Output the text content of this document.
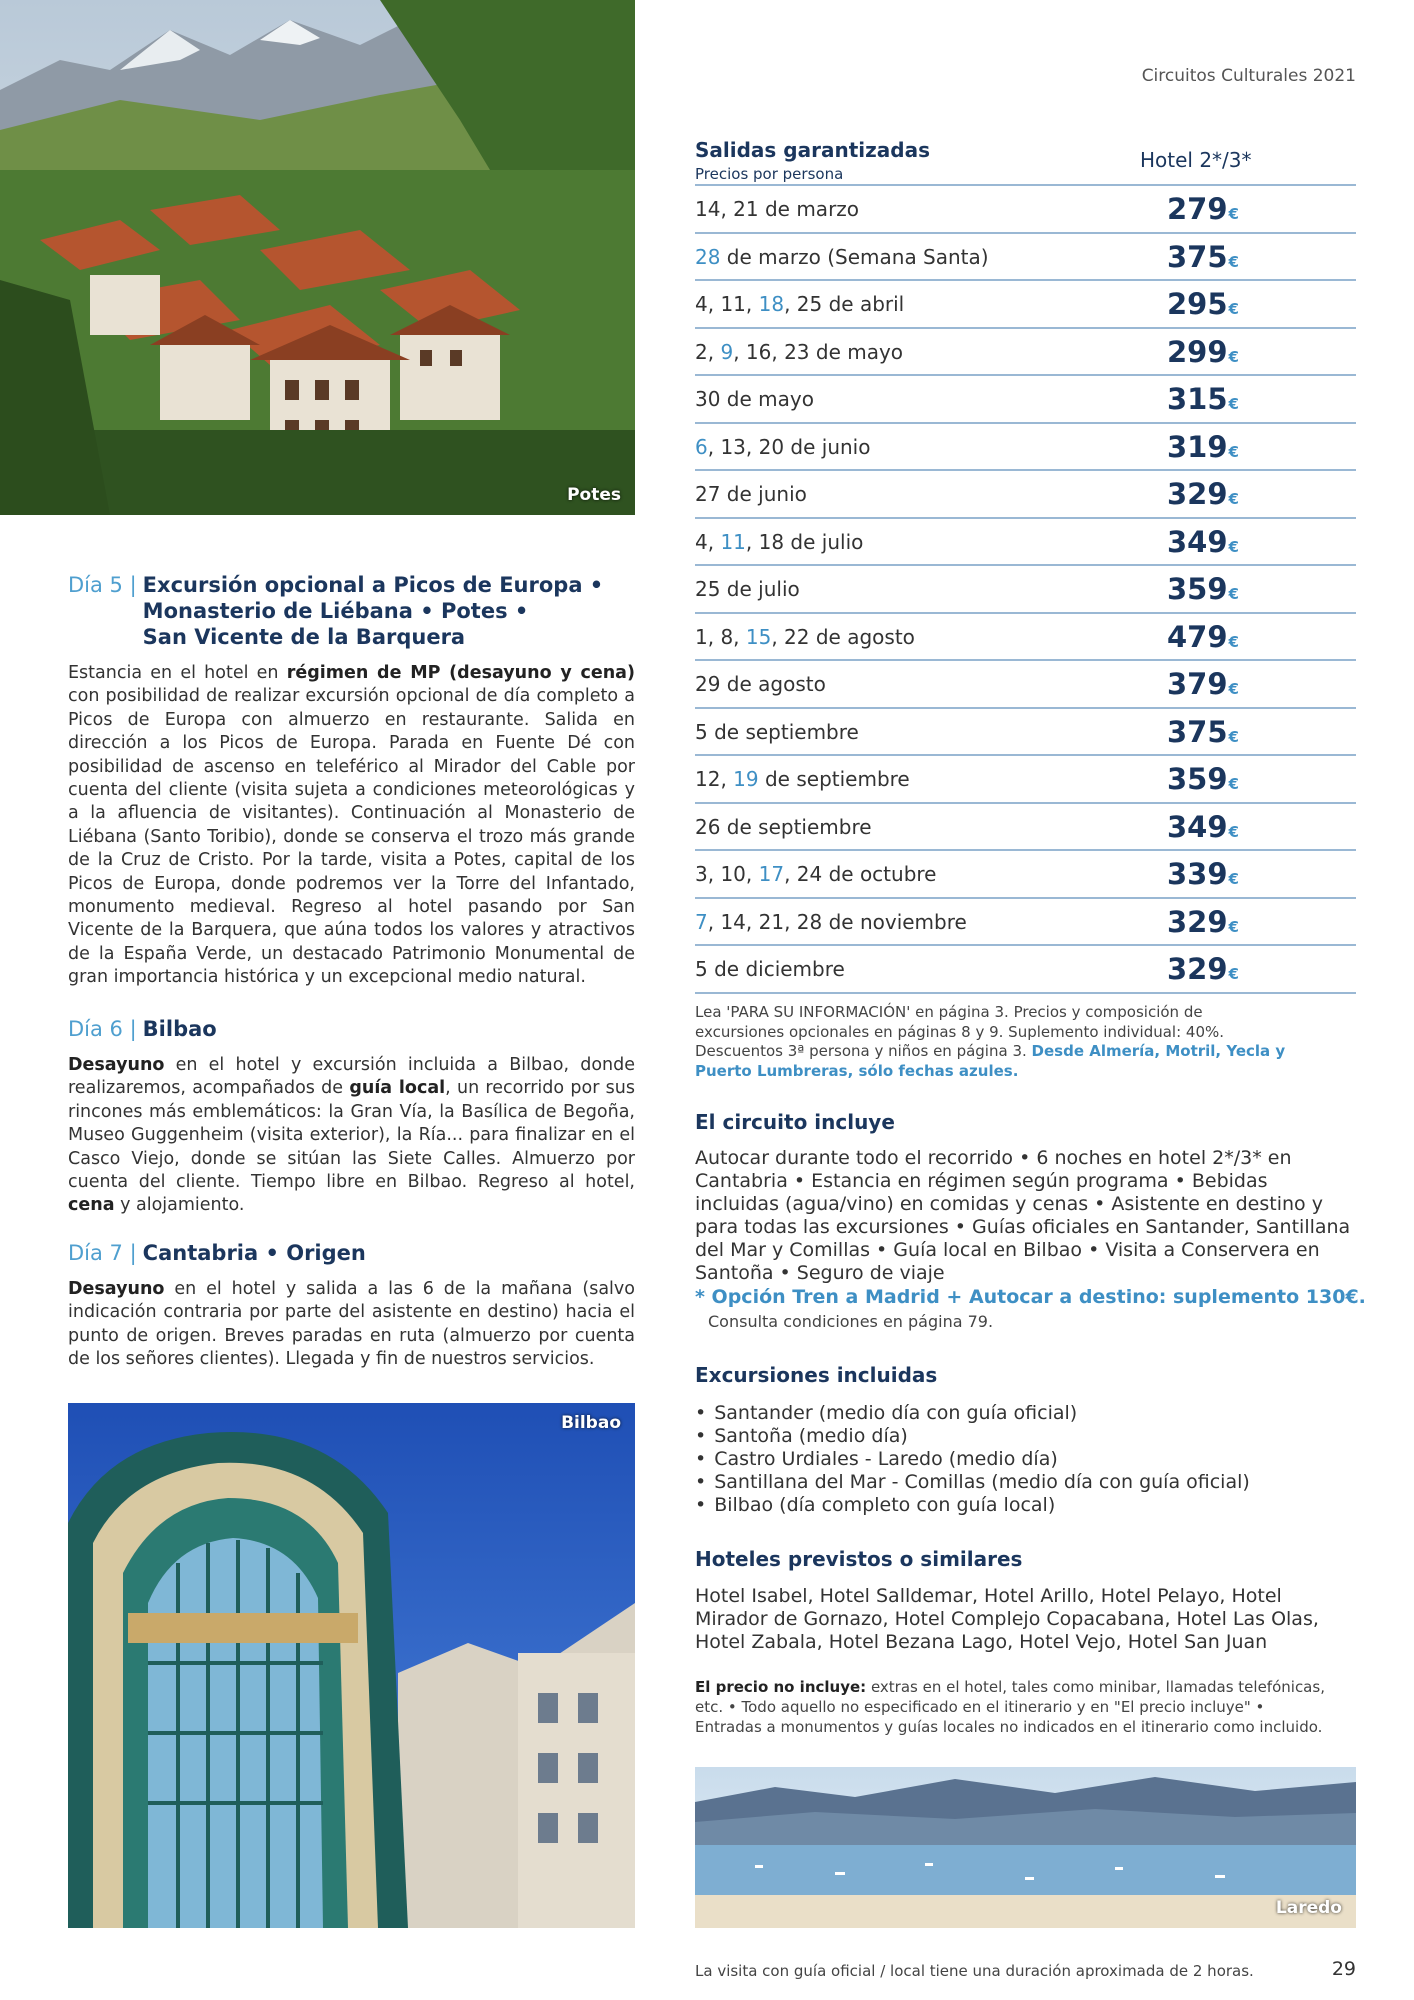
Circuitos Culturales 2021
Potes
Día 5 | Excursión opcional a Picos de Europa •
Monasterio de Liébana • Potes •
San Vicente de la Barquera

Estancia en el hotel en régimen de MP (desayuno y cena) con posibilidad de realizar excursión opcional de día completo a Picos de Europa con almuerzo en restaurante. Salida en dirección a los Picos de Europa. Parada en Fuente Dé con posibilidad de ascenso en teleférico al Mirador del Cable por cuenta del cliente (visita sujeta a condiciones meteorológicas y a la afluencia de visitantes). Continuación al Monasterio de Liébana (Santo Toribio), donde se conserva el trozo más grande de la Cruz de Cristo. Por la tarde, visita a Potes, capital de los Picos de Europa, donde podremos ver la Torre del Infantado, monumento medieval. Regreso al hotel pasando por San Vicente de la Barquera, que aúna todos los valores y atractivos de la España Verde, un destacado Patrimonio Monumental de gran importancia histórica y un excepcional medio natural.

Día 6 | Bilbao

Desayuno en el hotel y excursión incluida a Bilbao, donde realizaremos, acompañados de guía local, un recorrido por sus rincones más emblemáticos: la Gran Vía, la Basílica de Begoña, Museo Guggenheim (visita exterior), la Ría... para finalizar en el Casco Viejo, donde se sitúan las Siete Calles. Almuerzo por cuenta del cliente. Tiempo libre en Bilbao. Regreso al hotel, cena y alojamiento.

Día 7 | Cantabria • Origen

Desayuno en el hotel y salida a las 6 de la mañana (salvo indicación contraria por parte del asistente en destino) hacia el punto de origen. Breves paradas en ruta (almuerzo por cuenta de los señores clientes). Llegada y fin de nuestros servicios.

Bilbao
Salidas garantizadas
Precios por persona
Hotel 2*/3*
14, 21 de marzo	279€
28 de marzo (Semana Santa)	375€
4, 11, 18, 25 de abril	295€
2, 9, 16, 23 de mayo	299€
30 de mayo	315€
6, 13, 20 de junio	319€
27 de junio	329€
4, 11, 18 de julio	349€
25 de julio	359€
1, 8, 15, 22 de agosto	479€
29 de agosto	379€
5 de septiembre	375€
12, 19 de septiembre	359€
26 de septiembre	349€
3, 10, 17, 24 de octubre	339€
7, 14, 21, 28 de noviembre	329€
5 de diciembre	329€
Lea 'PARA SU INFORMACIÓN' en página 3. Precios y composición de excursiones opcionales en páginas 8 y 9. Suplemento individual: 40%. Descuentos 3ª persona y niños en página 3. Desde Almería, Motril, Yecla y Puerto Lumbreras, sólo fechas azules.
El circuito incluye
Autocar durante todo el recorrido • 6 noches en hotel 2*/3* en Cantabria • Estancia en régimen según programa • Bebidas incluidas (agua/vino) en comidas y cenas • Asistente en destino y para todas las excursiones • Guías oficiales en Santander, Santillana del Mar y Comillas • Guía local en Bilbao • Visita a Conservera en Santoña • Seguro de viaje
* Opción Tren a Madrid + Autocar a destino: suplemento 130€.
Consulta condiciones en página 79.
Excursiones incluidas
• Santander (medio día con guía oficial)
• Santoña (medio día)
• Castro Urdiales - Laredo (medio día)
• Santillana del Mar - Comillas (medio día con guía oficial)
• Bilbao (día completo con guía local)
Hoteles previstos o similares
Hotel Isabel, Hotel Salldemar, Hotel Arillo, Hotel Pelayo, Hotel Mirador de Gornazo, Hotel Complejo Copacabana, Hotel Las Olas, Hotel Zabala, Hotel Bezana Lago, Hotel Vejo, Hotel San Juan
El precio no incluye: extras en el hotel, tales como minibar, llamadas telefónicas, etc. • Todo aquello no especificado en el itinerario y en "El precio incluye" • Entradas a monumentos y guías locales no indicados en el itinerario como incluido.
Laredo
La visita con guía oficial / local tiene una duración aproximada de 2 horas.	29
